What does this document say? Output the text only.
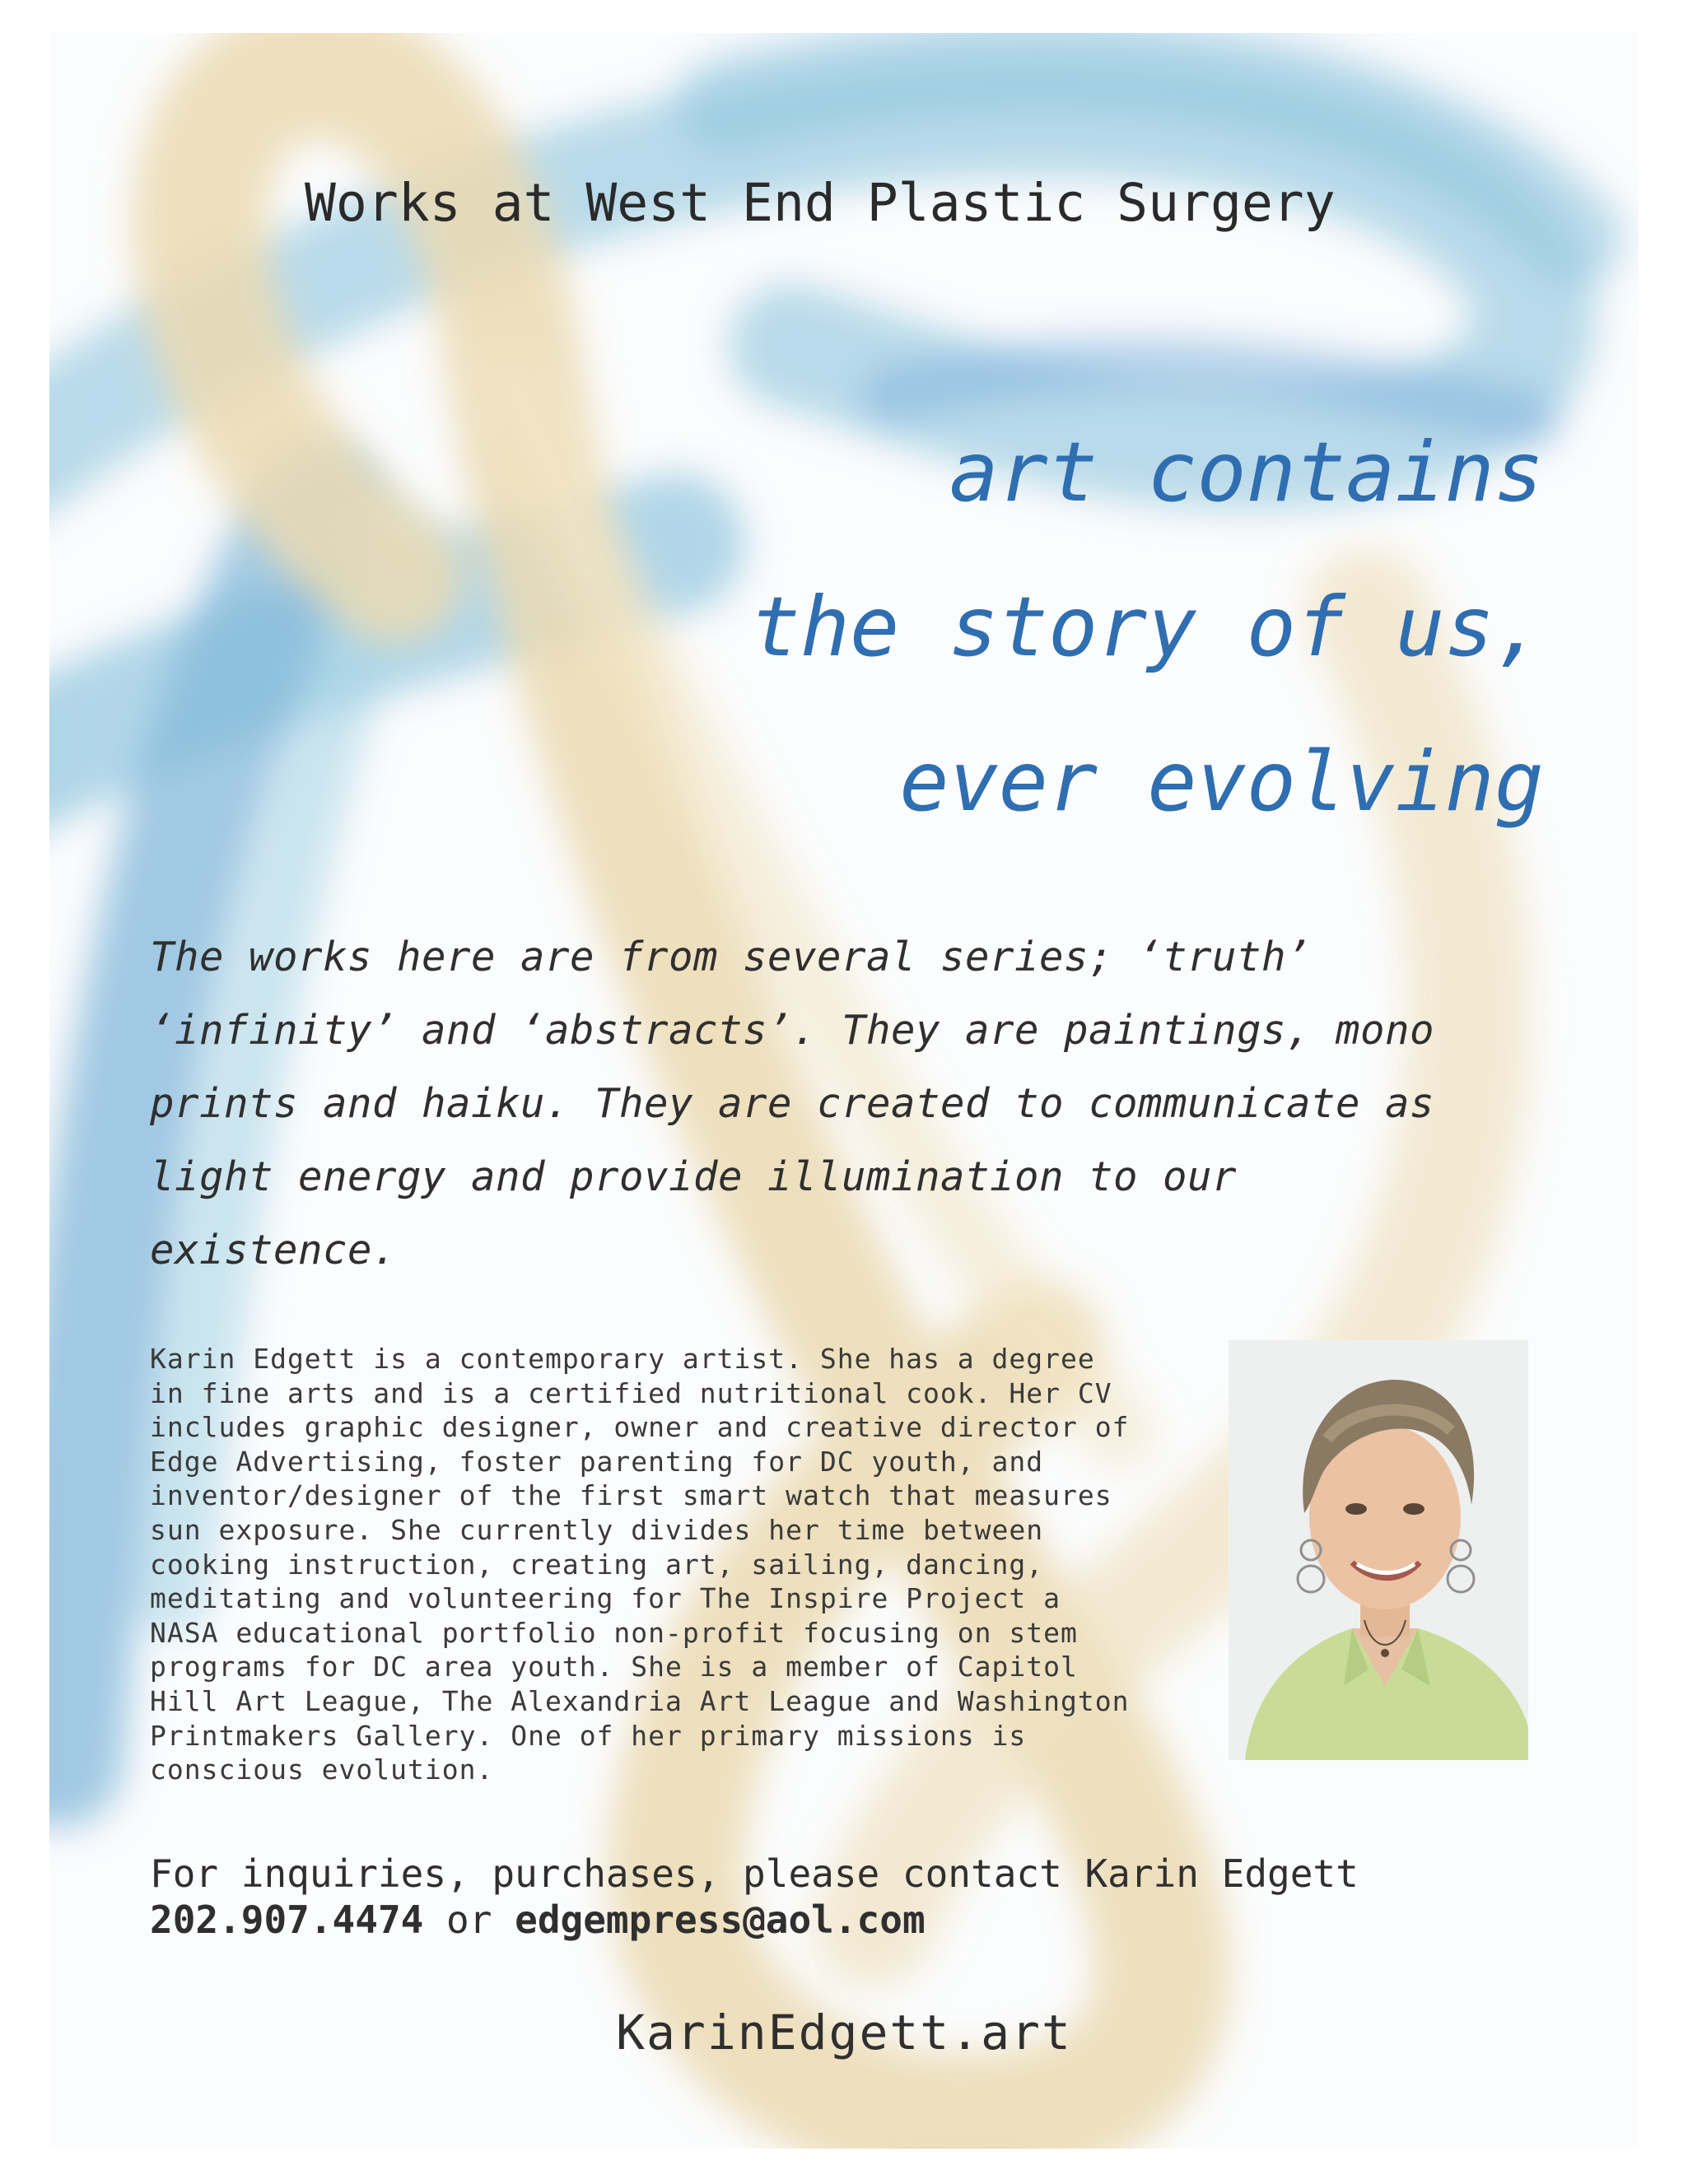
Works at West End Plastic Surgery
art contains
the story of us,
ever evolving
The works here are from several series; ‘truth’
‘infinity’ and ‘abstracts’. They are paintings, mono
prints and haiku. They are created to communicate as
light energy and provide illumination to our
existence.
Karin Edgett is a contemporary artist. She has a degree
in fine arts and is a certified nutritional cook. Her CV
includes graphic designer, owner and creative director of
Edge Advertising, foster parenting for DC youth, and
inventor/designer of the first smart watch that measures
sun exposure. She currently divides her time between
cooking instruction, creating art, sailing, dancing,
meditating and volunteering for The Inspire Project a
NASA educational portfolio non-profit focusing on stem
programs for DC area youth. She is a member of Capitol
Hill Art League, The Alexandria Art League and Washington
Printmakers Gallery. One of her primary missions is
conscious evolution.
For inquiries, purchases, please contact Karin Edgett
202.907.4474 or edgempress@aol.com
KarinEdgett.art
